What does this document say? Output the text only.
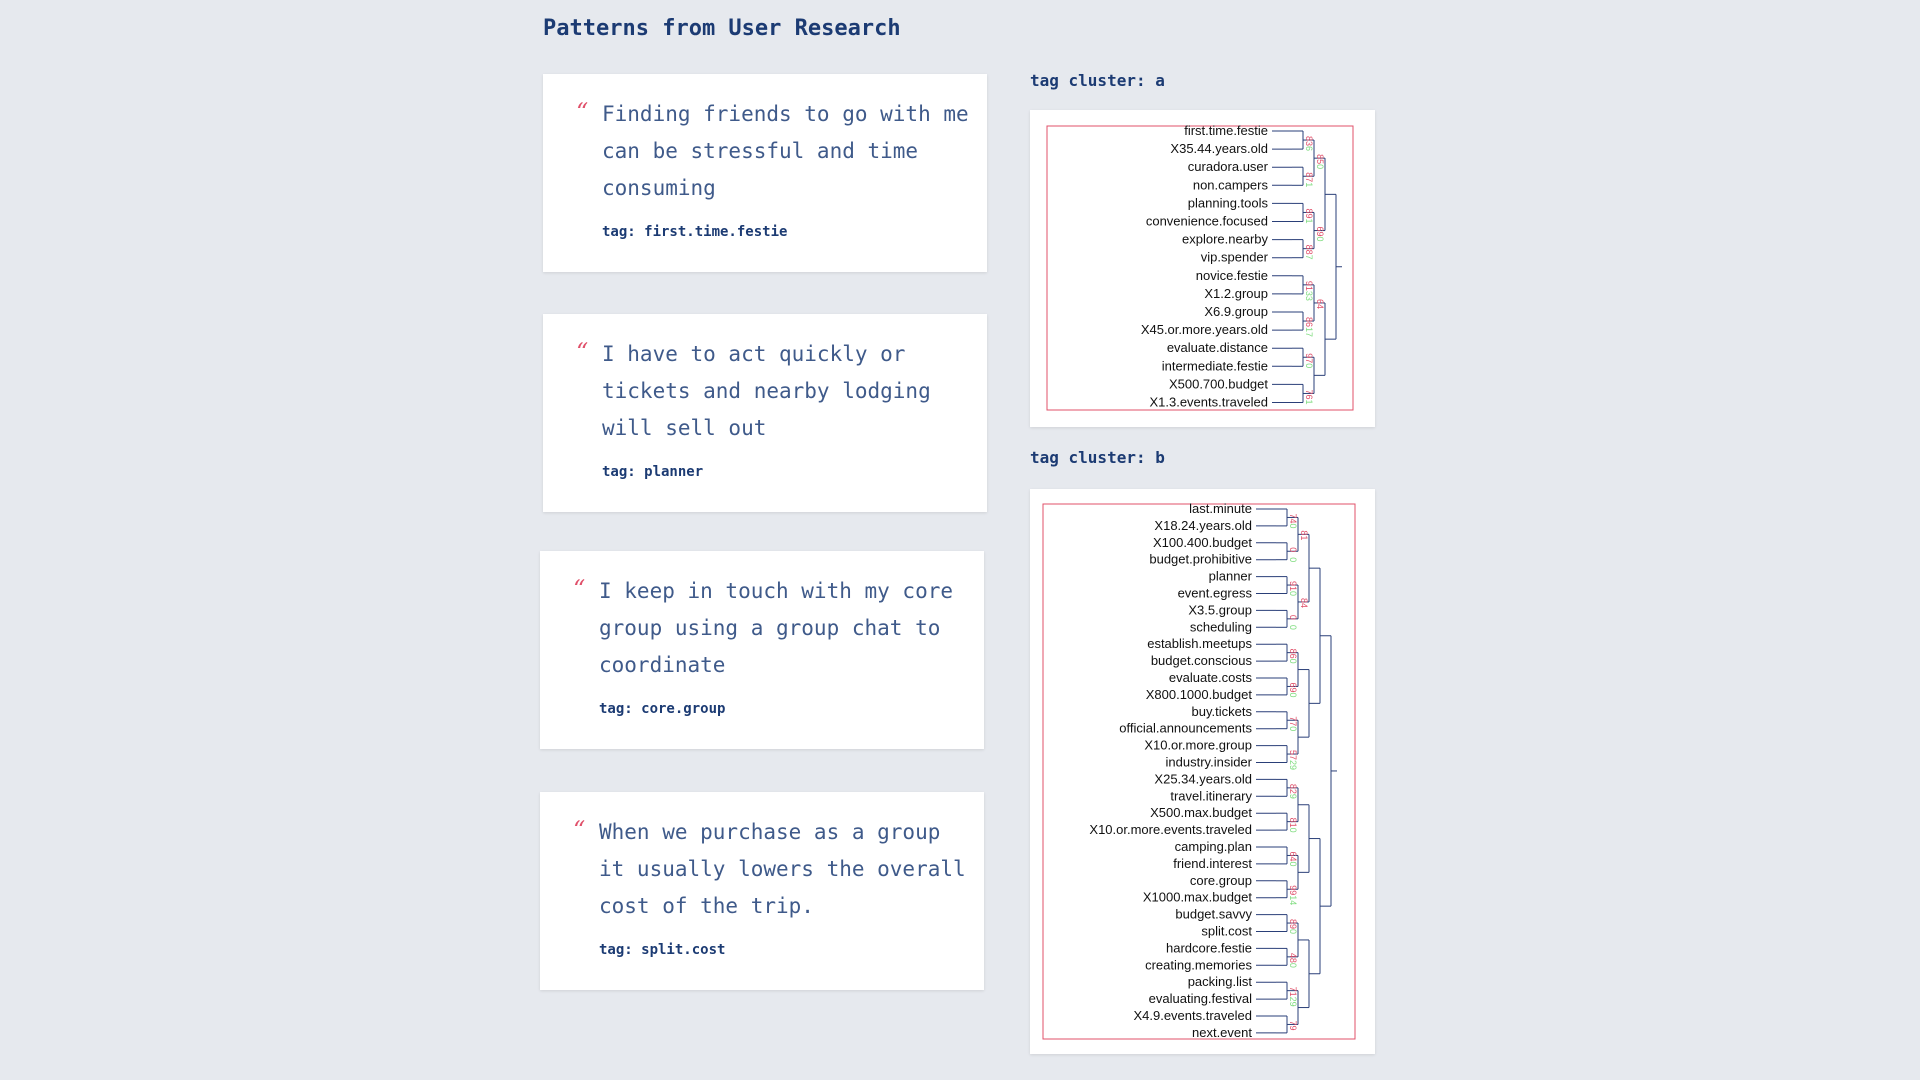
Patterns from User Research
“ Finding friends to go with me can be stressful and time consuming
tag: first.time.festie
“ I have to act quickly or tickets and nearby lodging will sell out
tag: planner
“ I keep in touch with my core group using a group chat to coordinate
tag: core.group
“ When we purchase as a group it usually lowers the overall cost of the trip.
tag: split.cost
tag cluster: a
first.time.festie
X35.44.years.old
curadora.user
non.campers
planning.tools
convenience.focused
explore.nearby
vip.spender
novice.festie
X1.2.group
X6.9.group
X45.or.more.years.old
evaluate.distance
intermediate.festie
X500.700.budget
X1.3.events.traveled
83
87
89
88
91
86
97
76
85
69
64
6
1
1
7
33
17
0
1
0
0
tag cluster: b
last.minute
X18.24.years.old
X100.400.budget
budget.prohibitive
planner
event.egress
X3.5.group
scheduling
establish.meetups
budget.conscious
evaluate.costs
X800.1000.budget
buy.tickets
official.announcements
X10.or.more.group
industry.insider
X25.34.years.old
travel.itinerary
X500.max.budget
X10.or.more.events.traveled
camping.plan
friend.interest
core.group
X1000.max.budget
budget.savvy
split.cost
hardcore.festie
creating.memories
packing.list
evaluating.festival
X4.9.events.traveled
next.event
74
0
91
0
86
69
77
57
82
81
64
99
89
48
71
79
81
84
0
0
0
0
0
0
0
29
9
0
0
14
0
0
29
